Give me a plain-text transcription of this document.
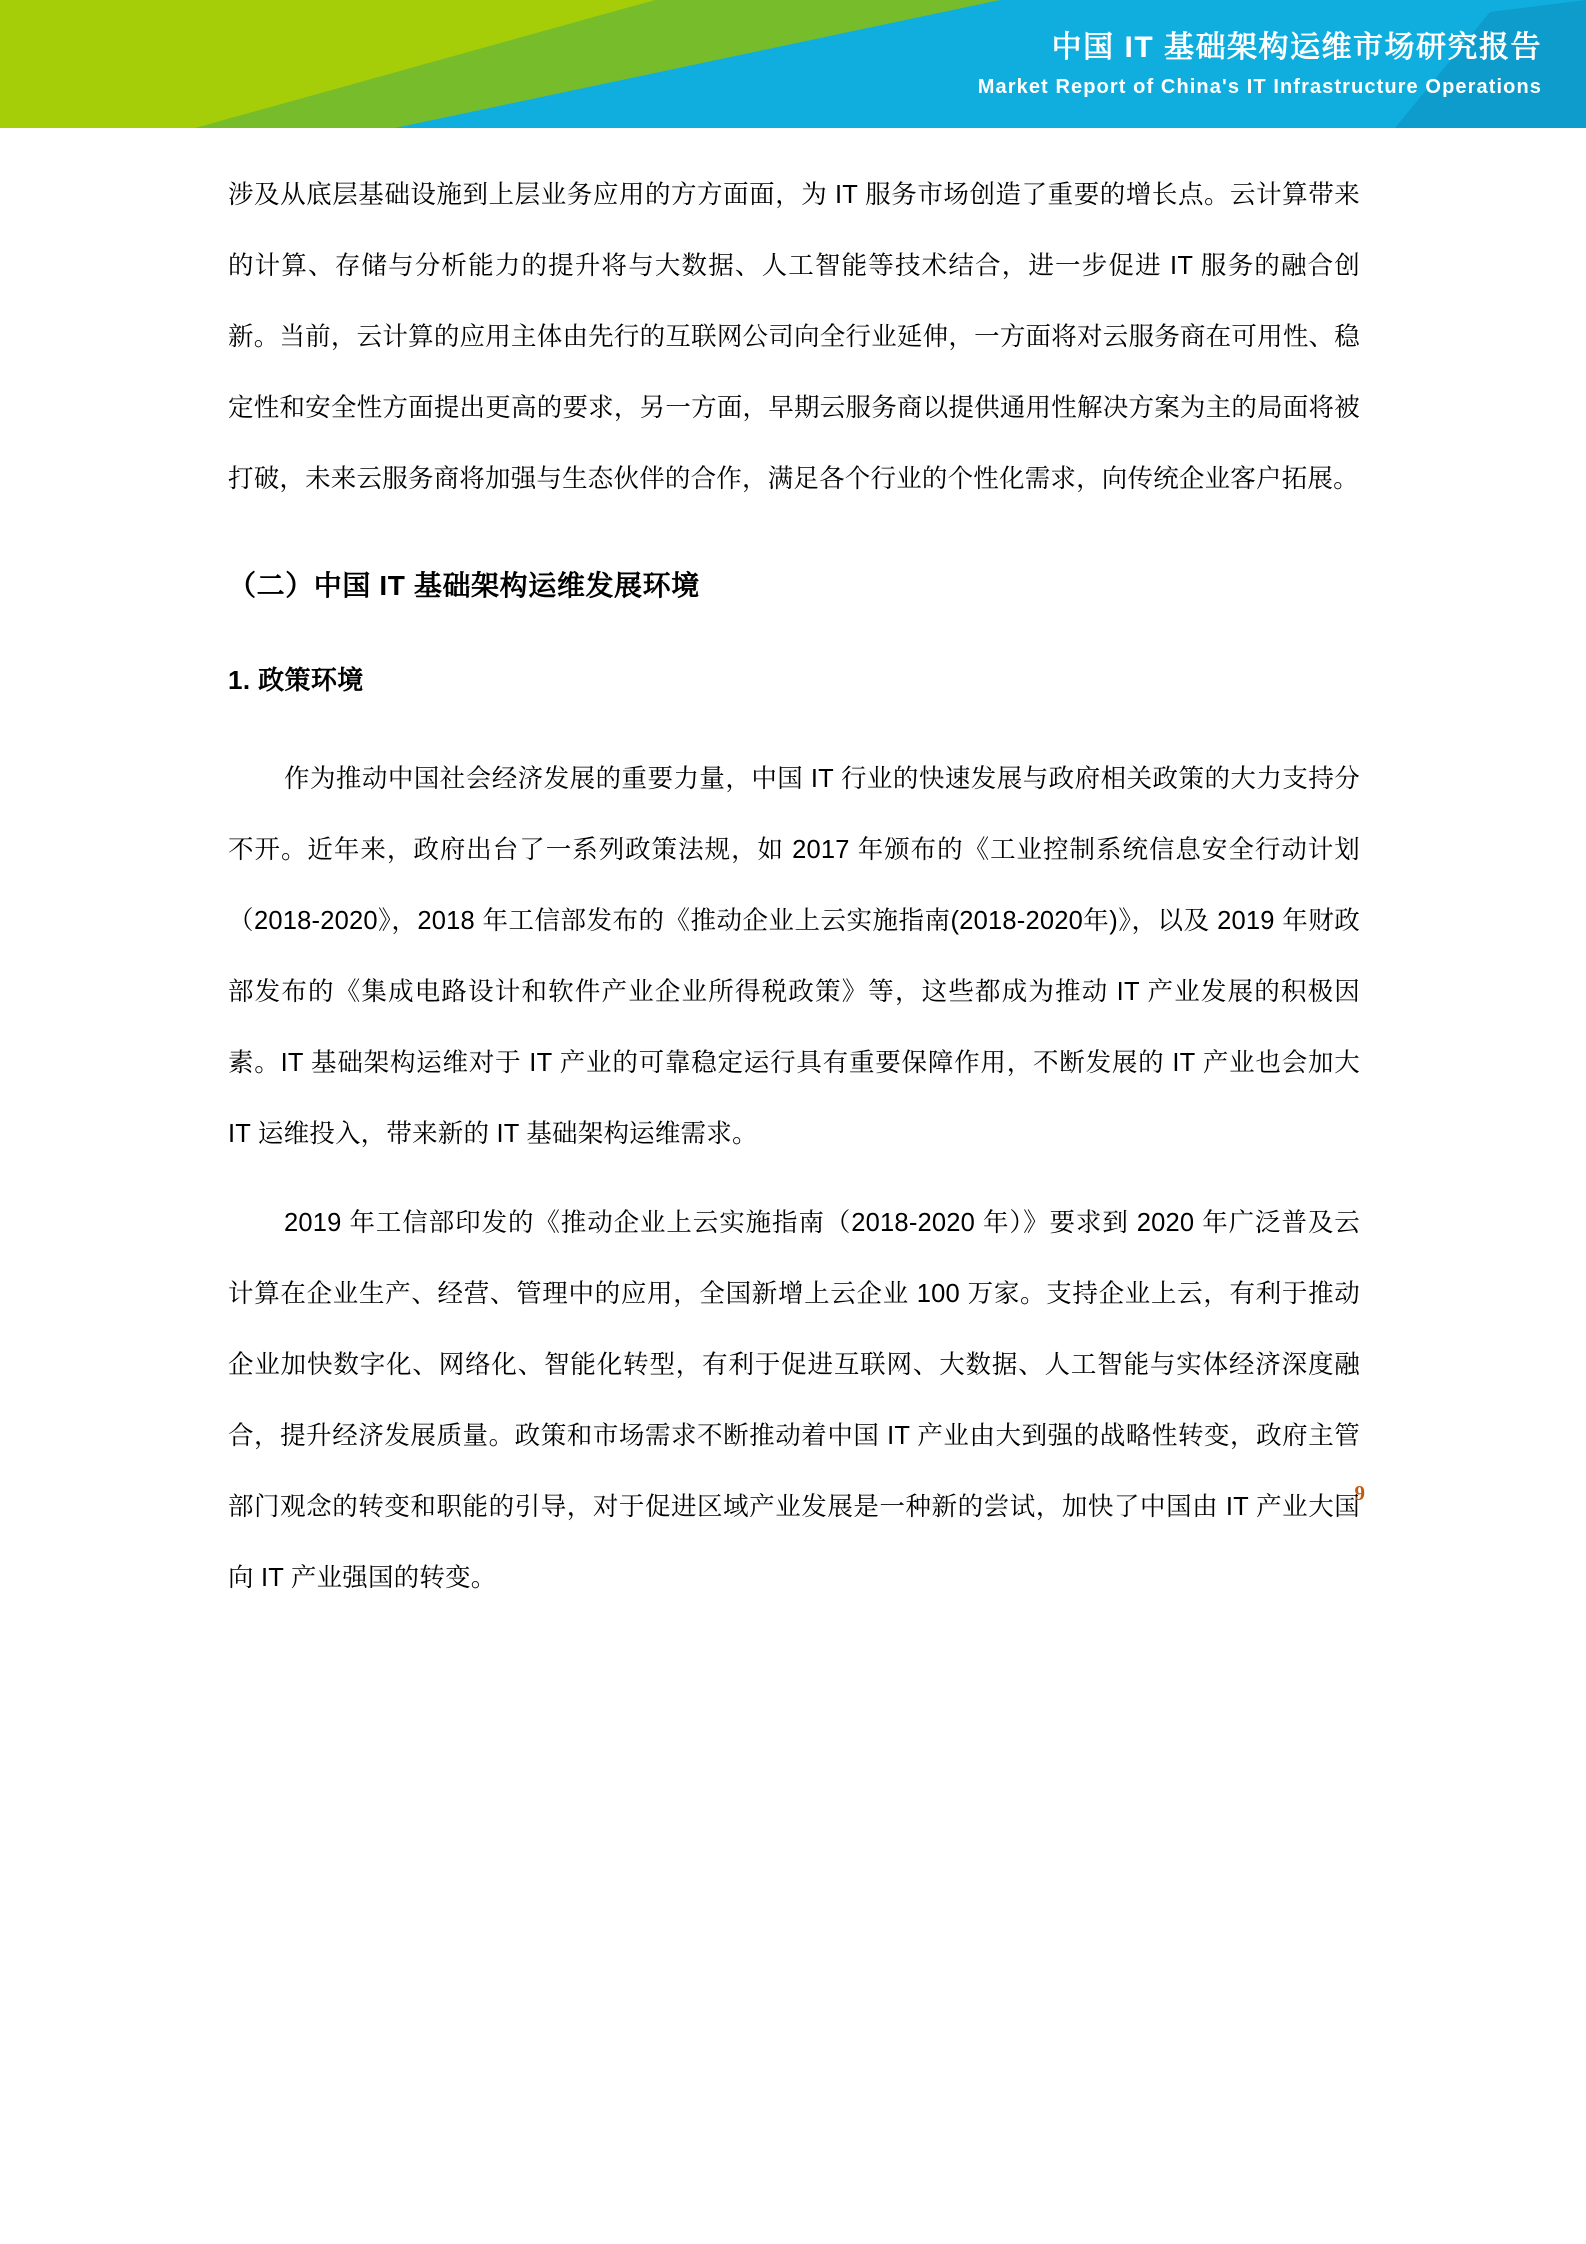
中国 IT 基础架构运维市场研究报告
Market Report of China's IT Infrastructure Operations

涉及从底层基础设施到上层业务应用的方方面面，为 IT 服务市场创造了重要的增长点。云计算带来的计算、存储与分析能力的提升将与大数据、人工智能等技术结合，进一步促进 IT 服务的融合创新。当前，云计算的应用主体由先行的互联网公司向全行业延伸，一方面将对云服务商在可用性、稳定性和安全性方面提出更高的要求，另一方面，早期云服务商以提供通用性解决方案为主的局面将被打破，未来云服务商将加强与生态伙伴的合作，满足各个行业的个性化需求，向传统企业客户拓展。

（二）中国 IT 基础架构运维发展环境
1. 政策环境

作为推动中国社会经济发展的重要力量，中国 IT 行业的快速发展与政府相关政策的大力支持分不开。近年来，政府出台了一系列政策法规，如 2017 年颁布的《工业控制系统信息安全行动计划（2018-2020》，2018 年工信部发布的《推动企业上云实施指南(2018-2020年)》，以及 2019 年财政部发布的《集成电路设计和软件产业企业所得税政策》等，这些都成为推动 IT 产业发展的积极因素。IT 基础架构运维对于 IT 产业的可靠稳定运行具有重要保障作用，不断发展的 IT 产业也会加大 IT 运维投入，带来新的 IT 基础架构运维需求。

2019 年工信部印发的《推动企业上云实施指南（2018-2020 年）》要求到 2020 年广泛普及云计算在企业生产、经营、管理中的应用，全国新增上云企业 100 万家。支持企业上云，有利于推动企业加快数字化、网络化、智能化转型，有利于促进互联网、大数据、人工智能与实体经济深度融合，提升经济发展质量。政策和市场需求不断推动着中国 IT 产业由大到强的战略性转变，政府主管部门观念的转变和职能的引导，对于促进区域产业发展是一种新的尝试，加快了中国由 IT 产业大国向 IT 产业强国的转变。

9
